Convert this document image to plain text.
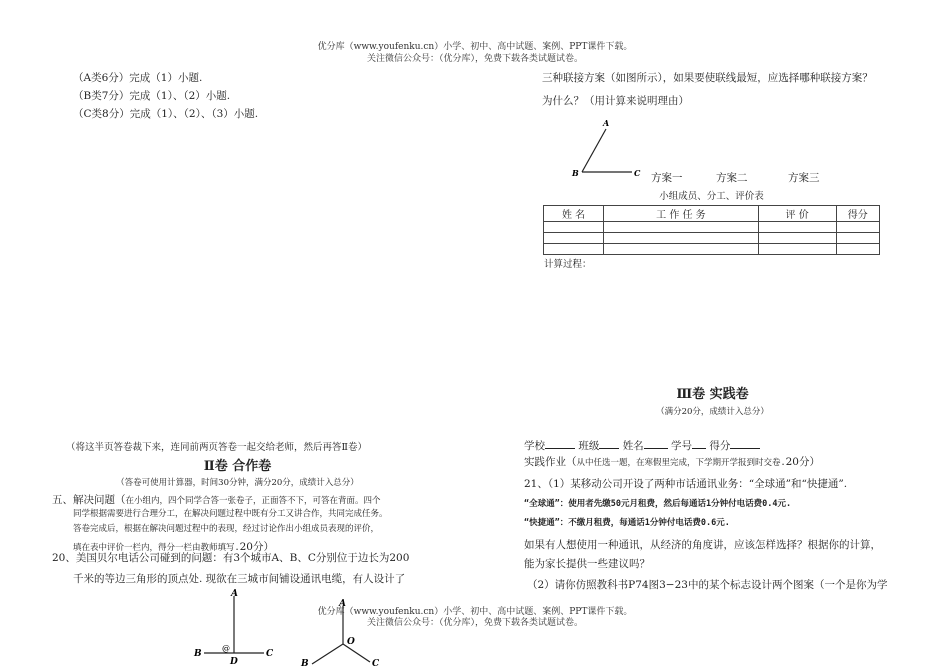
优分库（www.youfenku.cn）小学、初中、高中试题、案例、PPT课件下载。
关注微信公众号：（优分库），免费下载各类试题试卷。
（A类6分）完成（1）小题.
（B类7分）完成（1）、（2）小题.
（C类8分）完成（1）、（2）、（3）小题.
（将这半页答卷裁下来，连同前两页答卷一起交给老师，然后再答Ⅱ卷）
Ⅱ卷 合作卷
（答卷可使用计算器，时间30分钟，满分20分，成绩计入总分）
五、解决问题（在小组内，四个同学合答一张卷子，正面答不下，可答在背面。四个
同学根据需要进行合理分工，在解决问题过程中既有分工又讲合作，共同完成任务。
答卷完成后，根据在解决问题过程中的表现，经过讨论作出小组成员表现的评价，
填在表中评价一栏内，得分一栏由教师填写.20分）
20、美国贝尔电话公司碰到的问题：有3个城市A、B、C分别位于边长为200
千米的等边三角形的顶点处. 现欲在三城市间铺设通讯电缆，有人设计了
A
B	C
D
@
A
O
B	C
三种联接方案（如图所示），如果要使联线最短，应选择哪种联接方案？
为什么？（用计算来说明理由）
A
B	C 方案一	方案二	方案三
小组成员、分工、评价表
姓 名	工 作 任 务	评 价	得分

计算过程：
Ⅲ卷 实践卷
（满分20分，成绩计入总分）
学校	班级 姓名	学号 得分
实践作业（从中任选一题，在寒假里完成，下学期开学报到时交卷.20分）
21、（1）某移动公司开设了两种市话通讯业务：“全球通”和“快捷通”.
“全球通”：使用者先缴50元月租费，然后每通话1分钟付电话费0.4元.
“快捷通”：不缴月租费，每通话1分钟付电话费0.6元.
如果有人想使用一种通讯，从经济的角度讲，应该怎样选择？根据你的计算，
能为家长提供一些建议吗？
（2）请你仿照教科书P74图3−23中的某个标志设计两个图案（一个是你为学
优分库（www.youfenku.cn）小学、初中、高中试题、案例、PPT课件下载。
关注微信公众号：（优分库），免费下载各类试题试卷。
